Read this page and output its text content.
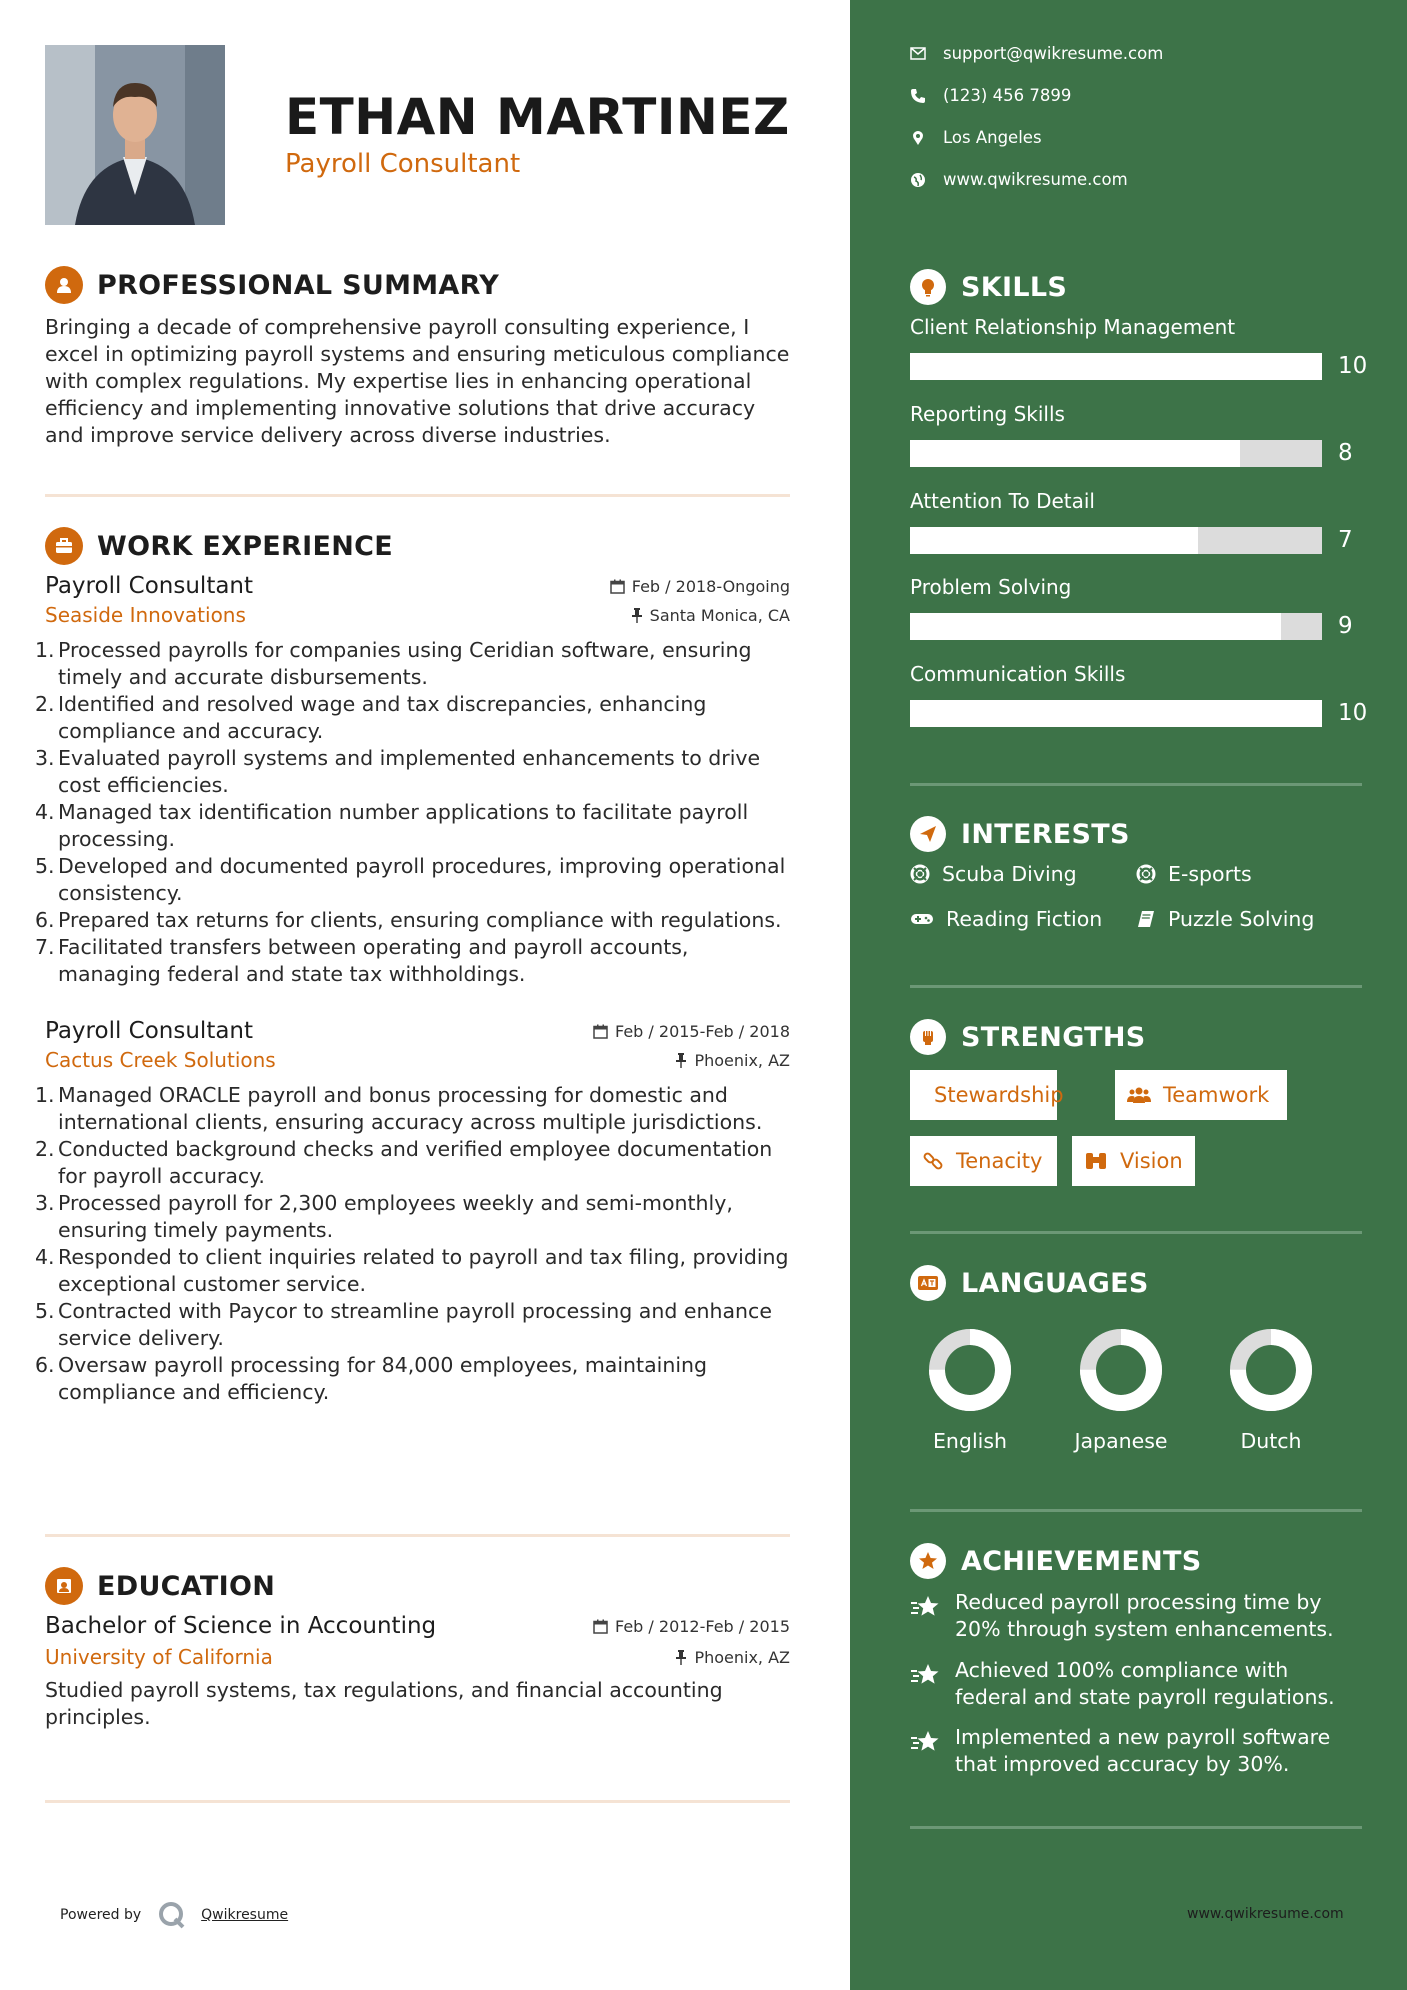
ETHAN MARTINEZ
Payroll Consultant
PROFESSIONAL SUMMARY
Bringing a decade of comprehensive payroll consulting experience, I excel in optimizing payroll systems and ensuring meticulous compliance with complex regulations. My expertise lies in enhancing operational efficiency and implementing innovative solutions that drive accuracy and improve service delivery across diverse industries.
WORK EXPERIENCE
Payroll Consultant	Feb / 2018-Ongoing
Seaside Innovations	Santa Monica, CA
Processed payrolls for companies using Ceridian software, ensuring timely and accurate disbursements.
Identified and resolved wage and tax discrepancies, enhancing compliance and accuracy.
Evaluated payroll systems and implemented enhancements to drive cost efficiencies.
Managed tax identification number applications to facilitate payroll processing.
Developed and documented payroll procedures, improving operational consistency.
Prepared tax returns for clients, ensuring compliance with regulations.
Facilitated transfers between operating and payroll accounts, managing federal and state tax withholdings.
Payroll Consultant	Feb / 2015-Feb / 2018
Cactus Creek Solutions	Phoenix, AZ
Managed ORACLE payroll and bonus processing for domestic and international clients, ensuring accuracy across multiple jurisdictions.
Conducted background checks and verified employee documentation for payroll accuracy.
Processed payroll for 2,300 employees weekly and semi-monthly, ensuring timely payments.
Responded to client inquiries related to payroll and tax filing, providing exceptional customer service.
Contracted with Paycor to streamline payroll processing and enhance service delivery.
Oversaw payroll processing for 84,000 employees, maintaining compliance and efficiency.
EDUCATION
Bachelor of Science in Accounting	Feb / 2012-Feb / 2015
University of California	Phoenix, AZ
Studied payroll systems, tax regulations, and financial accounting principles.
Powered by	Qwikresume
support@qwikresume.com
(123) 456 7899
Los Angeles
www.qwikresume.com
SKILLS
Client Relationship Management
10
Reporting Skills
8
Attention To Detail
7
Problem Solving
9
Communication Skills
10
INTERESTS
Scuba Diving	E-sports
Reading Fiction	Puzzle Solving
STRENGTHS
Stewardship	Teamwork
Tenacity	Vision
LANGUAGES
English	Japanese	Dutch
ACHIEVEMENTS
Reduced payroll processing time by 20% through system enhancements.
Achieved 100% compliance with federal and state payroll regulations.
Implemented a new payroll software that improved accuracy by 30%.
www.qwikresume.com
